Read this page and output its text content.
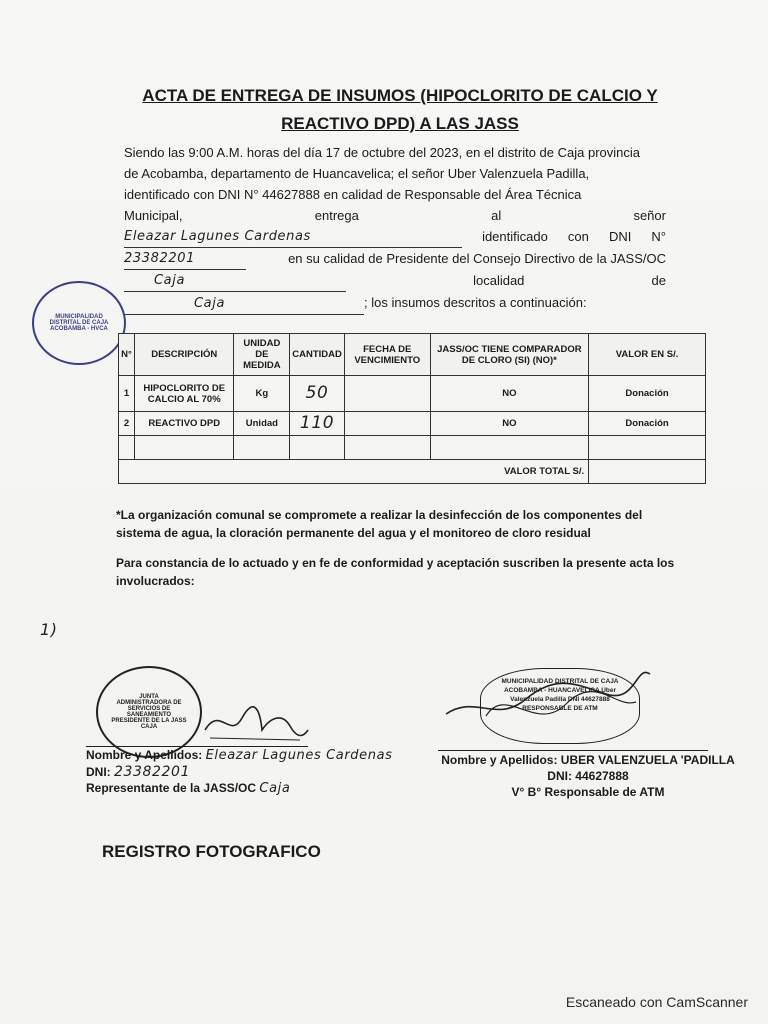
ACTA DE ENTREGA DE INSUMOS (HIPOCLORITO DE CALCIO Y
REACTIVO DPD) A LAS JASS
Siendo las 9:00 A.M. horas del día 17 de octubre del 2023, en el distrito de Caja provincia
de Acobamba, departamento de Huancavelica; el señor Uber Valenzuela Padilla,
identificado con DNI N° 44627888 en calidad de Responsable del Área Técnica
Municipal,	entrega	al	señor
Eleazar Lagunes Cardenas	identificado con DNI N°
23382201	en su calidad de Presidente del Consejo Directivo de la JASS/OC
Caja	localidad	de
Caja	; los insumos descritos a continuación:
MUNICIPALIDAD DISTRITAL DE CAJA ACOBAMBA - HVCA
N°	DESCRIPCIÓN	UNIDAD DE MEDIDA	CANTIDAD	FECHA DE VENCIMIENTO	JASS/OC TIENE COMPARADOR DE CLORO (SI) (NO)*	VALOR EN S/.
1	HIPOCLORITO DE CALCIO AL 70%	Kg	50		NO	Donación
2	REACTIVO DPD	Unidad	110		NO	Donación

VALOR TOTAL S/.						
*La organización comunal se compromete a realizar la desinfección de los componentes del sistema de agua, la cloración permanente del agua y el monitoreo de cloro residual
Para constancia de lo actuado y en fe de conformidad y aceptación suscriben la presente acta los involucrados:
1)
JUNTA ADMINISTRADORA DE SERVICIOS DE SANEAMIENTO PRESIDENTE DE LA JASS CAJA
Nombre y Apellidos: Eleazar Lagunes Cardenas
DNI: 23382201
Representante de la JASS/OC Caja
MUNICIPALIDAD DISTRITAL DE CAJA ACOBAMBA - HUANCAVELICA Uber Valenzuela Padilla DNI 44627888 RESPONSABLE DE ATM
Nombre y Apellidos: UBER VALENZUELA 'PADILLA
DNI: 44627888
V° B° Responsable de ATM
REGISTRO FOTOGRAFICO
Escaneado con CamScanner
